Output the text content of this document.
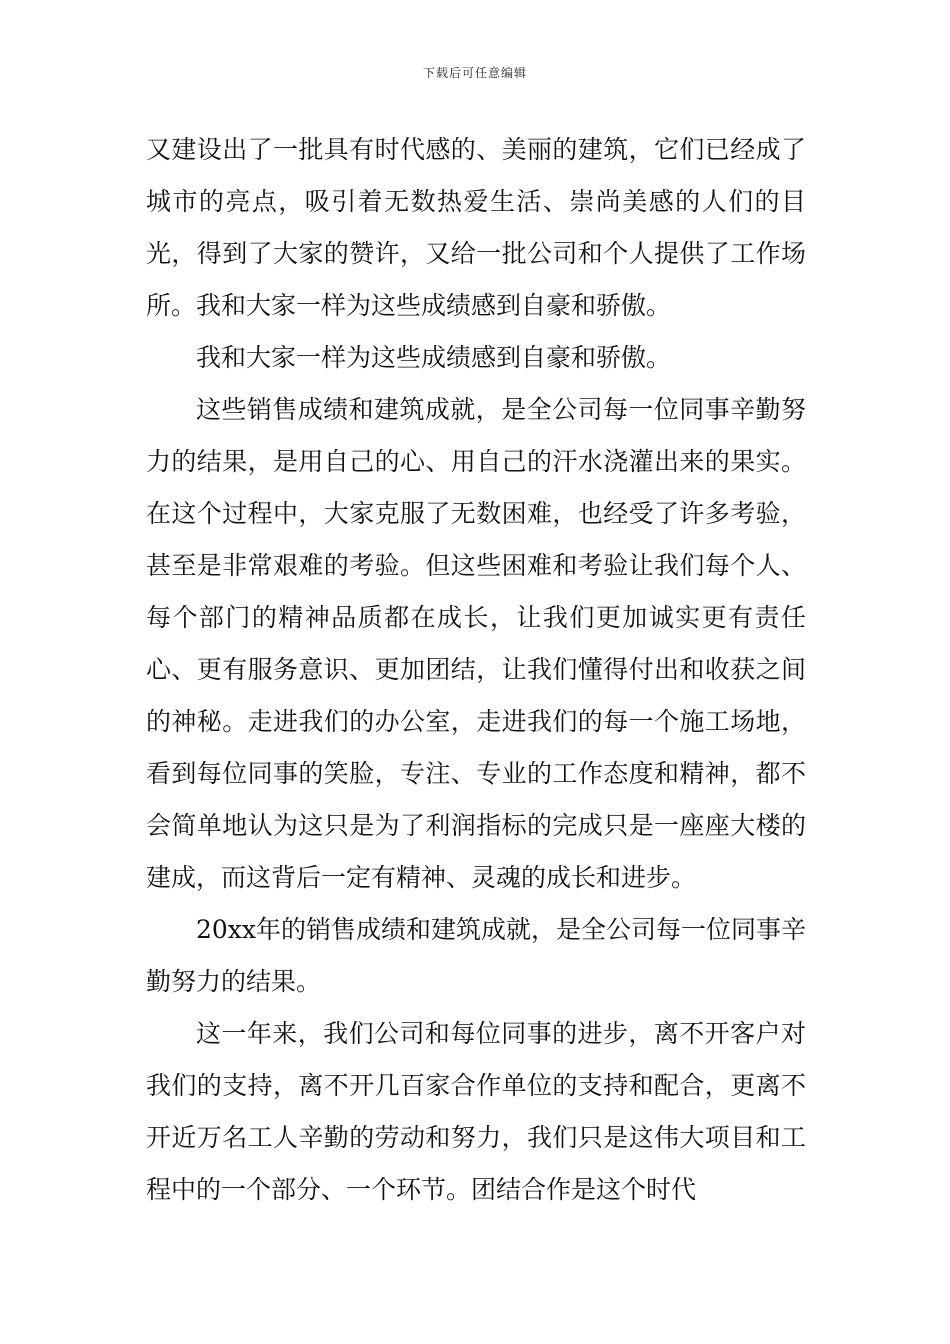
下载后可任意编辑

又建设出了一批具有时代感的、美丽的建筑，它们已经成了城市的亮点，吸引着无数热爱生活、崇尚美感的人们的目光，得到了大家的赞许，又给一批公司和个人提供了工作场所。我和大家一样为这些成绩感到自豪和骄傲。

我和大家一样为这些成绩感到自豪和骄傲。

这些销售成绩和建筑成就，是全公司每一位同事辛勤努力的结果，是用自己的心、用自己的汗水浇灌出来的果实。在这个过程中，大家克服了无数困难，也经受了许多考验，甚至是非常艰难的考验。但这些困难和考验让我们每个人、每个部门的精神品质都在成长，让我们更加诚实更有责任心、更有服务意识、更加团结，让我们懂得付出和收获之间的神秘。走进我们的办公室，走进我们的每一个施工场地，看到每位同事的笑脸，专注、专业的工作态度和精神，都不会简单地认为这只是为了利润指标的完成只是一座座大楼的建成，而这背后一定有精神、灵魂的成长和进步。

20xx年的销售成绩和建筑成就，是全公司每一位同事辛勤努力的结果。

这一年来，我们公司和每位同事的进步，离不开客户对我们的支持，离不开几百家合作单位的支持和配合，更离不开近万名工人辛勤的劳动和努力，我们只是这伟大项目和工程中的一个部分、一个环节。团结合作是这个时代
